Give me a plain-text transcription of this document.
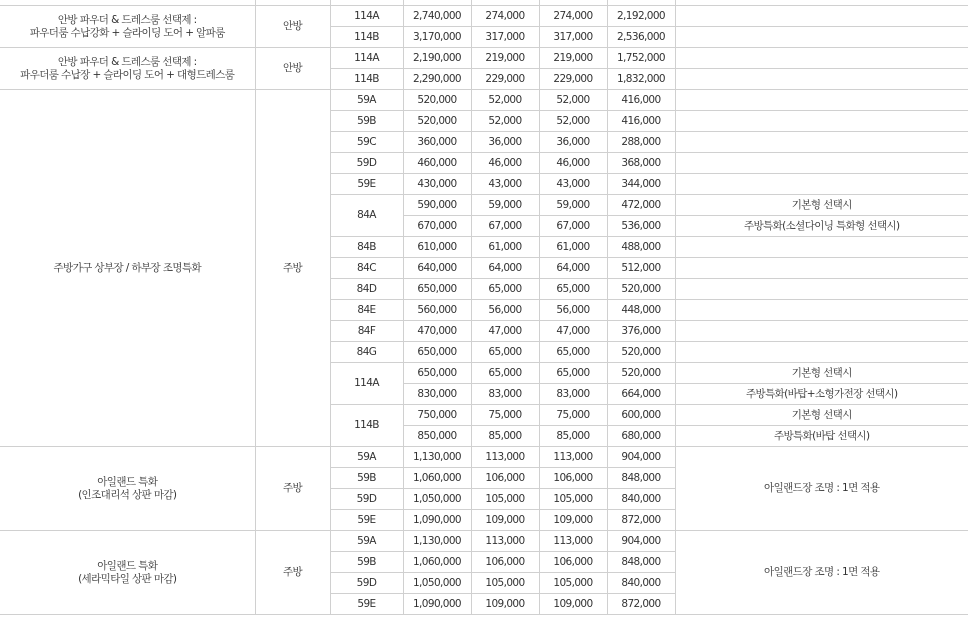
안방 파우더 & 드레스룸 선택제 :
파우더룸 수납강화 + 슬라이딩 도어 + 알파룸	안방	114A	2,740,000	274,000	274,000	2,192,000	
		114B	3,170,000	317,000	317,000	2,536,000	
안방 파우더 & 드레스룸 선택제 :
파우더룸 수납장 + 슬라이딩 도어 + 대형드레스룸	안방	114A	2,190,000	219,000	219,000	1,752,000	
		114B	2,290,000	229,000	229,000	1,832,000	
주방가구 상부장 / 하부장 조명특화	주방	59A	520,000	52,000	52,000	416,000	
		59B	520,000	52,000	52,000	416,000	
		59C	360,000	36,000	36,000	288,000	
		59D	460,000	46,000	46,000	368,000	
		59E	430,000	43,000	43,000	344,000	
		84A	590,000	59,000	59,000	472,000	기본형 선택시
			670,000	67,000	67,000	536,000	주방특화(소셜다이닝 특화형 선택시)
		84B	610,000	61,000	61,000	488,000	
		84C	640,000	64,000	64,000	512,000	
		84D	650,000	65,000	65,000	520,000	
		84E	560,000	56,000	56,000	448,000	
		84F	470,000	47,000	47,000	376,000	
		84G	650,000	65,000	65,000	520,000	
		114A	650,000	65,000	65,000	520,000	기본형 선택시
			830,000	83,000	83,000	664,000	주방특화(바탑+소형가전장 선택시)
		114B	750,000	75,000	75,000	600,000	기본형 선택시
			850,000	85,000	85,000	680,000	주방특화(바탑 선택시)
아일랜드 특화
(인조대리석 상판 마감)	주방	59A	1,130,000	113,000	113,000	904,000	아일랜드장 조명 : 1면 적용
		59B	1,060,000	106,000	106,000	848,000	
		59D	1,050,000	105,000	105,000	840,000	
		59E	1,090,000	109,000	109,000	872,000	
아일랜드 특화
(세라믹타일 상판 마감)	주방	59A	1,130,000	113,000	113,000	904,000	아일랜드장 조명 : 1면 적용
		59B	1,060,000	106,000	106,000	848,000	
		59D	1,050,000	105,000	105,000	840,000	
		59E	1,090,000	109,000	109,000	872,000	
